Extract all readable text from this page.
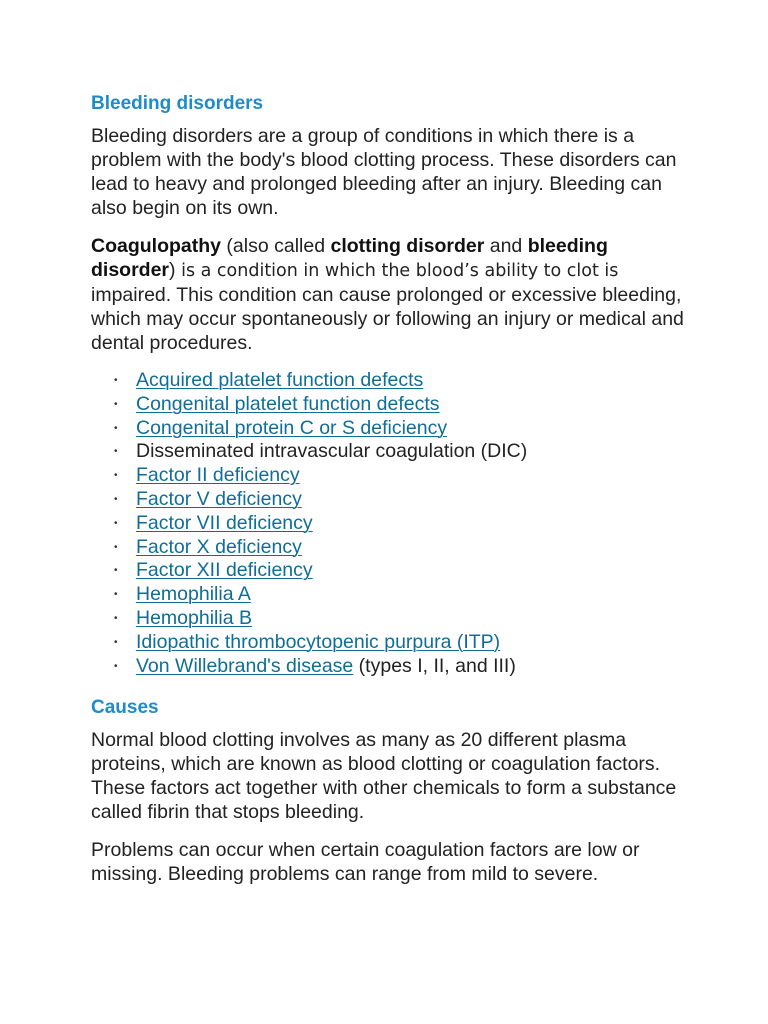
Bleeding disorders

Bleeding disorders are a group of conditions in which there is a problem with the body's blood clotting process. These disorders can lead to heavy and prolonged bleeding after an injury. Bleeding can also begin on its own.

Coagulopathy (also called clotting disorder and bleeding disorder) is a condition in which the blood’s ability to clot is impaired. This condition can cause prolonged or excessive bleeding, which may occur spontaneously or following an injury or medical and dental procedures.

• Acquired platelet function defects
• Congenital platelet function defects
• Congenital protein C or S deficiency
• Disseminated intravascular coagulation (DIC)
• Factor II deficiency
• Factor V deficiency
• Factor VII deficiency
• Factor X deficiency
• Factor XII deficiency
• Hemophilia A
• Hemophilia B
• Idiopathic thrombocytopenic purpura (ITP)
• Von Willebrand's disease (types I, II, and III)
Causes

Normal blood clotting involves as many as 20 different plasma proteins, which are known as blood clotting or coagulation factors. These factors act together with other chemicals to form a substance called fibrin that stops bleeding.

Problems can occur when certain coagulation factors are low or missing. Bleeding problems can range from mild to severe.
